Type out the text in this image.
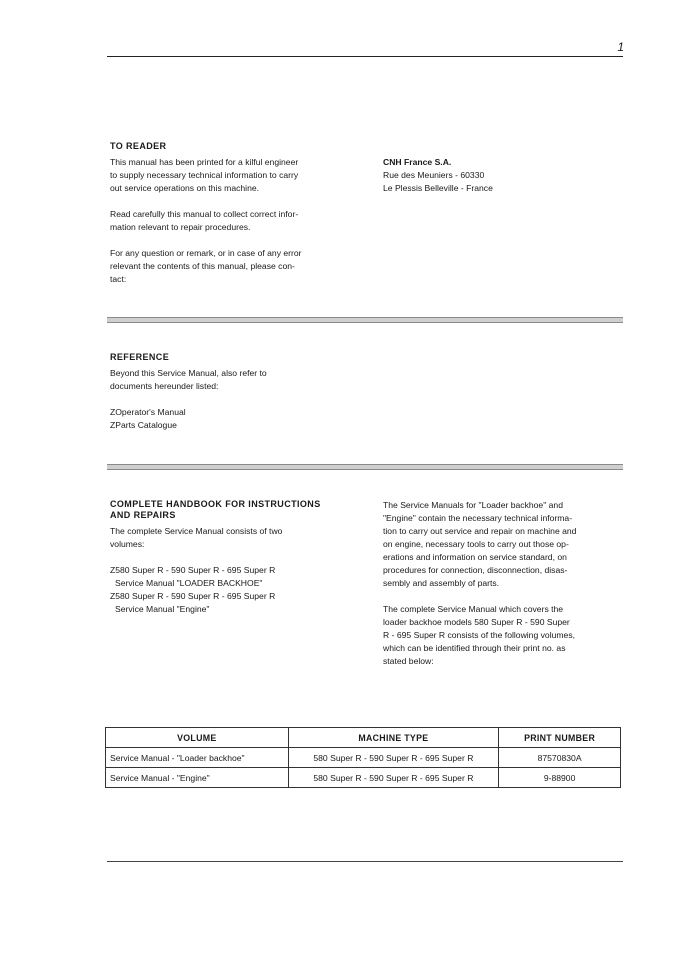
1
TO READER

This manual has been printed for a kilful engineer

to supply necessary technical information to carry

out service operations on this machine.

Read carefully this manual to collect correct infor-

mation relevant to repair procedures.

For any question or remark, or in case of any error

relevant the contents of this manual, please con-

tact:

CNH France S.A.

Rue des Meuniers - 60330

Le Plessis Belleville - France

REFERENCE

Beyond this Service Manual, also refer to

documents hereunder listed:

ZOperator's Manual

ZParts Catalogue

COMPLETE HANDBOOK FOR INSTRUCTIONS
AND REPAIRS

The complete Service Manual consists of two

volumes:

Z580 Super R - 590 Super R - 695 Super R

Service Manual "LOADER BACKHOE"

Z580 Super R - 590 Super R - 695 Super R

Service Manual "Engine"

The Service Manuals for "Loader backhoe" and

"Engine" contain the necessary technical informa-

tion to carry out service and repair on machine and

on engine, necessary tools to carry out those op-

erations and information on service standard, on

procedures for connection, disconnection, disas-

sembly and assembly of parts.

The complete Service Manual which covers the

loader backhoe models 580 Super R - 590 Super

R - 695 Super R consists of the following volumes,

which can be identified through their print no. as

stated below:

VOLUME	MACHINE TYPE	PRINT NUMBER
Service Manual - "Loader backhoe"	580 Super R - 590 Super R - 695 Super R	87570830A
Service Manual - "Engine"	580 Super R - 590 Super R - 695 Super R	9-88900
